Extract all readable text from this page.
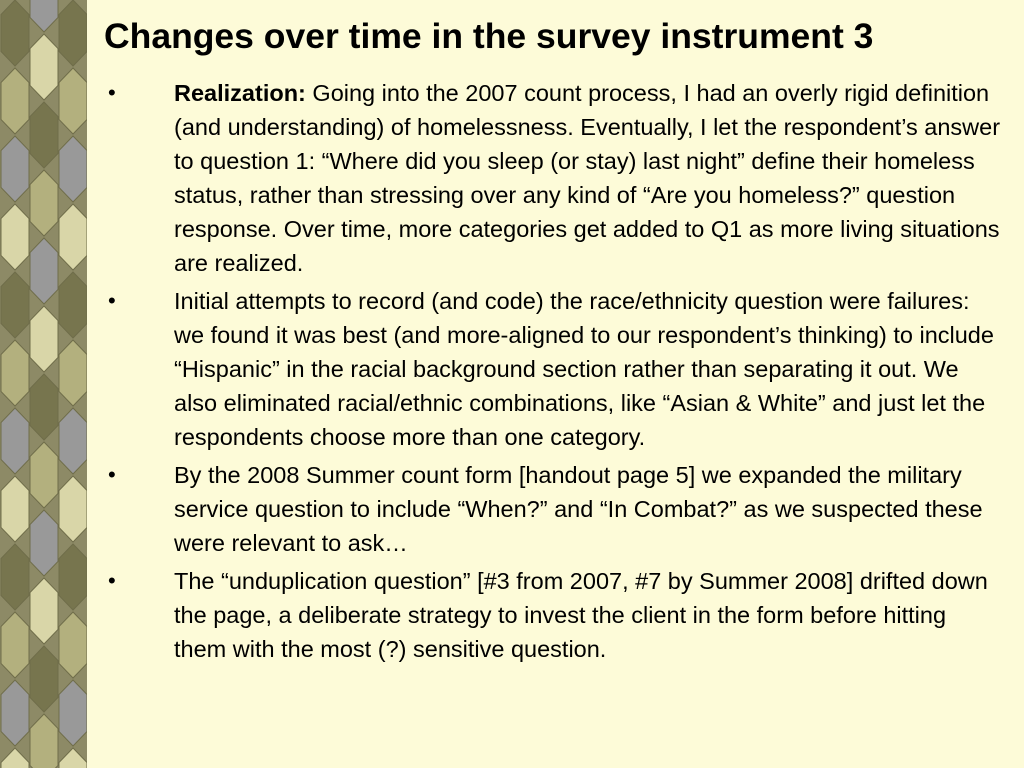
Changes over time in the survey instrument 3
• Realization: Going into the 2007 count process, I had an overly rigid definition (and understanding) of homelessness. Eventually, I let the respondent’s answer to question 1: “Where did you sleep (or stay) last night” define their homeless status, rather than stressing over any kind of “Are you homeless?” question response. Over time, more categories get added to Q1 as more living situations are realized.
• Initial attempts to record (and code) the race/ethnicity question were failures: we found it was best (and more-aligned to our respondent’s thinking) to include “Hispanic” in the racial background section rather than separating it out. We also eliminated racial/ethnic combinations, like “Asian & White” and just let the respondents choose more than one category.
• By the 2008 Summer count form [handout page 5] we expanded the military service question to include “When?” and “In Combat?” as we suspected these were relevant to ask…
• The “unduplication question” [#3 from 2007, #7 by Summer 2008] drifted down the page, a deliberate strategy to invest the client in the form before hitting them with the most (?) sensitive question.
